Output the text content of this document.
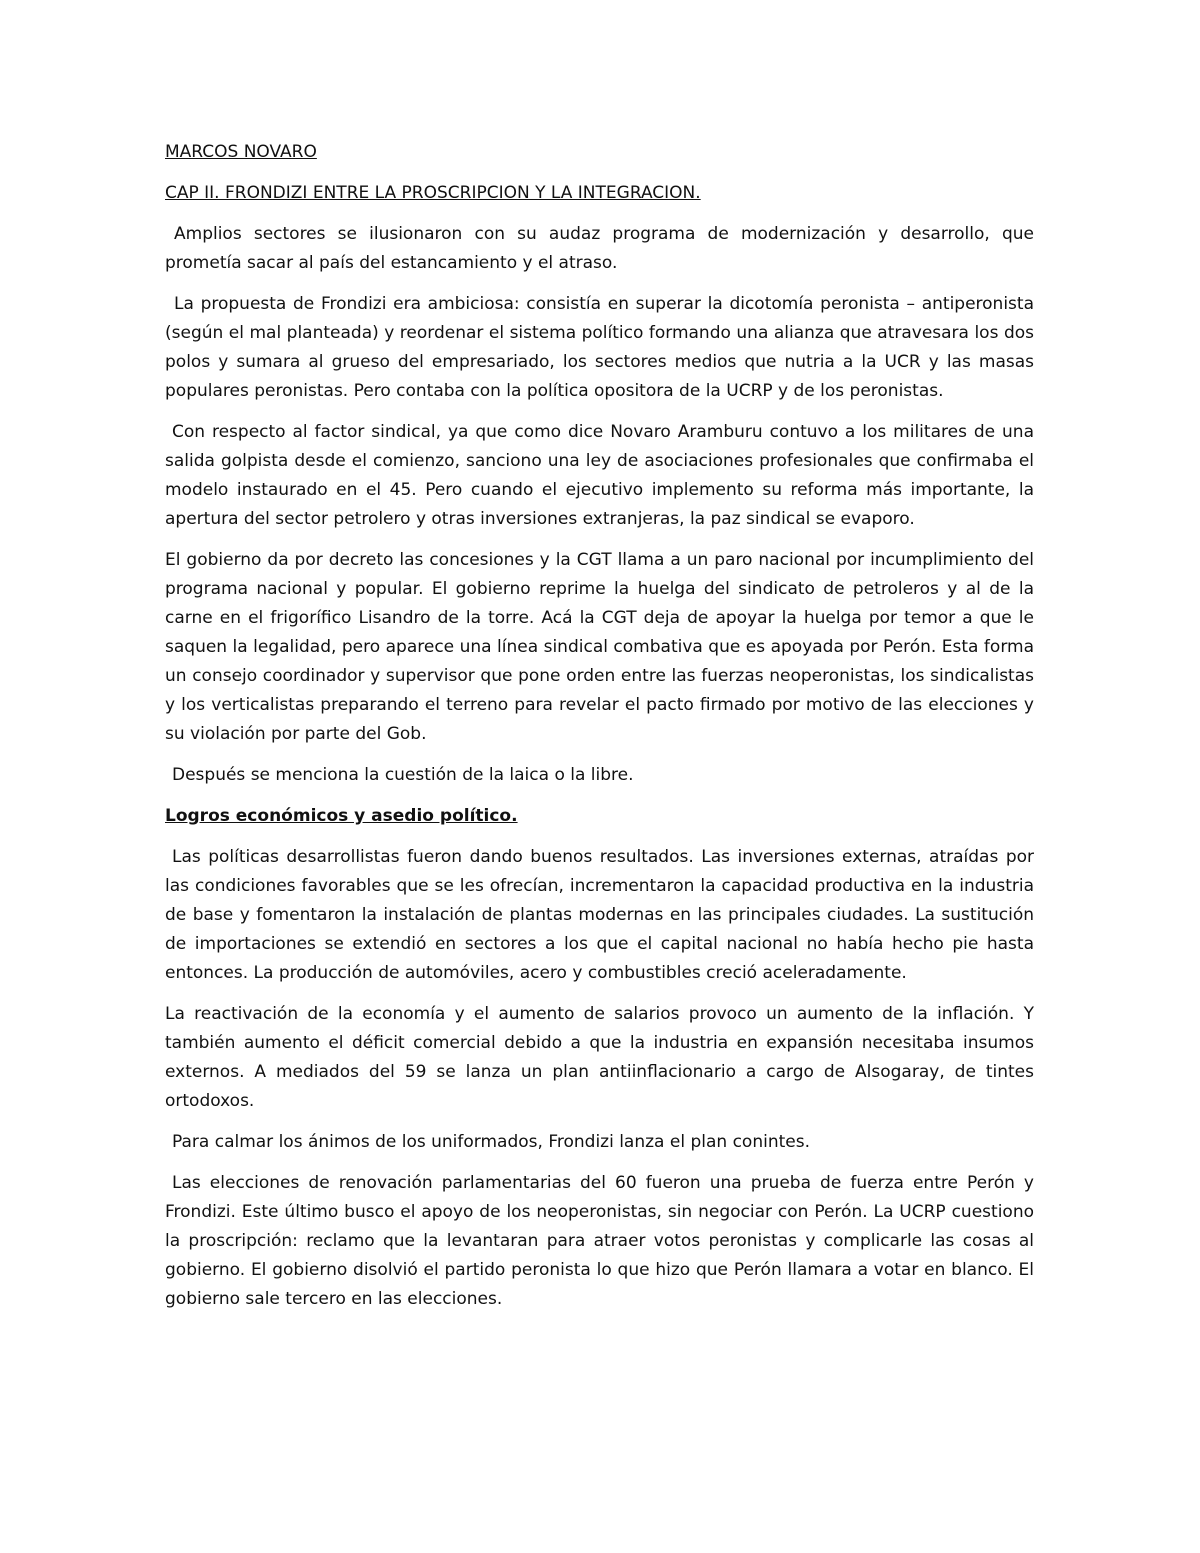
MARCOS NOVARO

CAP II. FRONDIZI ENTRE LA PROSCRIPCION Y LA INTEGRACION.

Amplios sectores se ilusionaron con su audaz programa de modernización y desarrollo, que prometía sacar al país del estancamiento y el atraso.

La propuesta de Frondizi era ambiciosa: consistía en superar la dicotomía peronista – antiperonista (según el mal planteada) y reordenar el sistema político formando una alianza que atravesara los dos polos y sumara al grueso del empresariado, los sectores medios que nutria a la UCR y las masas populares peronistas. Pero contaba con la política opositora de la UCRP y de los peronistas.

Con respecto al factor sindical, ya que como dice Novaro Aramburu contuvo a los militares de una salida golpista desde el comienzo, sanciono una ley de asociaciones profesionales que confirmaba el modelo instaurado en el 45. Pero cuando el ejecutivo implemento su reforma más importante, la apertura del sector petrolero y otras inversiones extranjeras, la paz sindical se evaporo.

El gobierno da por decreto las concesiones y la CGT llama a un paro nacional por incumplimiento del programa nacional y popular. El gobierno reprime la huelga del sindicato de petroleros y al de la carne en el frigorífico Lisandro de la torre. Acá la CGT deja de apoyar la huelga por temor a que le saquen la legalidad, pero aparece una línea sindical combativa que es apoyada por Perón. Esta forma un consejo coordinador y supervisor que pone orden entre las fuerzas neoperonistas, los sindicalistas y los verticalistas preparando el terreno para revelar el pacto firmado por motivo de las elecciones y su violación por parte del Gob.

Después se menciona la cuestión de la laica o la libre.

Logros económicos y asedio político.

Las políticas desarrollistas fueron dando buenos resultados. Las inversiones externas, atraídas por las condiciones favorables que se les ofrecían, incrementaron la capacidad productiva en la industria de base y fomentaron la instalación de plantas modernas en las principales ciudades. La sustitución de importaciones se extendió en sectores a los que el capital nacional no había hecho pie hasta entonces. La producción de automóviles, acero y combustibles creció aceleradamente.

La reactivación de la economía y el aumento de salarios provoco un aumento de la inflación. Y también aumento el déficit comercial debido a que la industria en expansión necesitaba insumos externos. A mediados del 59 se lanza un plan antiinflacionario a cargo de Alsogaray, de tintes ortodoxos.

Para calmar los ánimos de los uniformados, Frondizi lanza el plan conintes.

Las elecciones de renovación parlamentarias del 60 fueron una prueba de fuerza entre Perón y Frondizi. Este último busco el apoyo de los neoperonistas, sin negociar con Perón. La UCRP cuestiono la proscripción: reclamo que la levantaran para atraer votos peronistas y complicarle las cosas al gobierno. El gobierno disolvió el partido peronista lo que hizo que Perón llamara a votar en blanco. El gobierno sale tercero en las elecciones.
